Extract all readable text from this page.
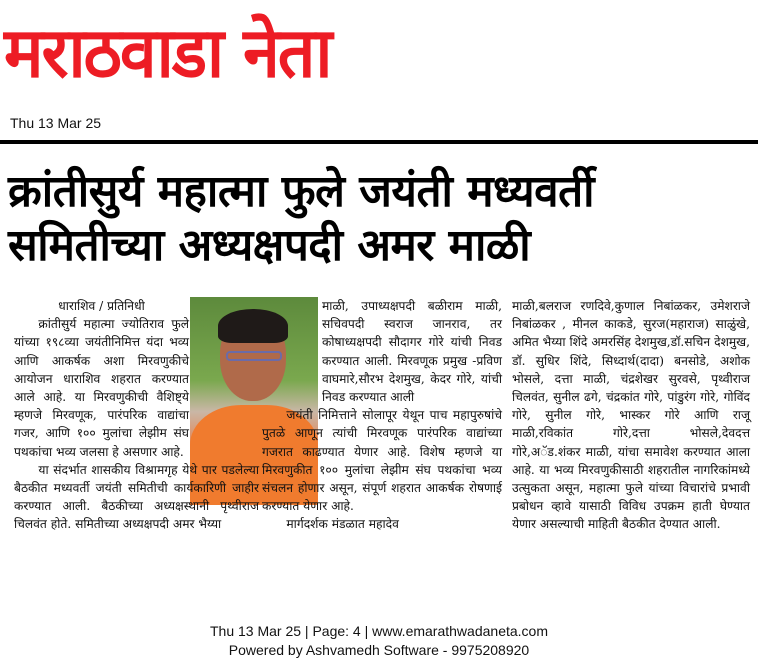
मराठवाडा नेता
Thu 13 Mar 25
क्रांतीसुर्य महात्मा फुले जयंती मध्यवर्ती समितीच्या अध्यक्षपदी अमर माळी

धाराशिव / प्रतिनिधी

क्रांतीसुर्य महात्मा ज्योतिराव फुले यांच्या १९८व्या जयंतीनिमित्त यंदा भव्य आणि आकर्षक अशा मिरवणुकीचे आयोजन धाराशिव शहरात करण्यात आले आहे. या मिरवणुकीची वैशिष्ट्ये म्हणजे मिरवणूक, पारंपरिक वाद्यांचा गजर, आणि १०० मुलांचा लेझीम संघ पथकांचा भव्य जलसा हे असणार आहे.

या संदर्भात शासकीय विश्रामगृह येथे पार पडलेल्या बैठकीत मध्यवर्ती जयंती समितीची कार्यकारिणी जाहीर करण्यात आली. बैठकीच्या अध्यक्षस्थानी पृथ्वीराज चिलवंत होते. समितीच्या अध्यक्षपदी अमर भैय्या

माळी, उपाध्यक्षपदी बळीराम माळी, सचिवपदी स्वराज जानराव, तर कोषाध्यक्षपदी सौदागर गोरे यांची निवड करण्यात आली. मिरवणूक प्रमुख -प्रविण वाघमारे,सौरभ देशमुख, केदर गोरे, यांची निवड करण्यात आली

जयंती निमित्ताने सोलापूर येथून पाच महापुरुषांचे पुतळे आणून त्यांची मिरवणूक पारंपरिक वाद्यांच्या गजरात काढण्यात येणार आहे. विशेष म्हणजे या मिरवणुकीत १०० मुलांचा लेझीम संघ पथकांचा भव्य संचलन होणार असून, संपूर्ण शहरात आकर्षक रोषणाई करण्यात येणार आहे.

मार्गदर्शक मंडळात महादेव

माळी,बलराज रणदिवे,कुणाल निबांळकर, उमेशराजे निबांळकर , मीनल काकडे, सुरज(महाराज) साळुंखे, अमित भैय्या शिंदे अमरसिंह देशमुख,डॉ.सचिन देशमुख, डॉ. सुधिर शिंदे, सिध्दार्थ(दादा) बनसोडे, अशोक भोसले, दत्ता माळी, चंद्रशेखर सुरवसे, पृथ्वीराज चिलवंत, सुनील ढगे, चंद्रकांत गोरे, पांडुरंग गोरे, गोविंद गोरे, सुनील गोरे, भास्कर गोरे आणि राजू माळी,रविकांत गोरे,दत्ता भोसले,देवदत्त गोरे,अॅड.शंकर माळी, यांचा समावेश करण्यात आला आहे. या भव्य मिरवणुकीसाठी शहरातील नागरिकांमध्ये उत्सुकता असून, महात्मा फुले यांच्या विचारांचे प्रभावी प्रबोधन व्हावे यासाठी विविध उपक्रम हाती घेण्यात येणार असल्याची माहिती बैठकीत देण्यात आली.

Thu 13 Mar 25 | Page: 4 | www.emarathwadaneta.com
Powered by Ashvamedh Software - 9975208920
